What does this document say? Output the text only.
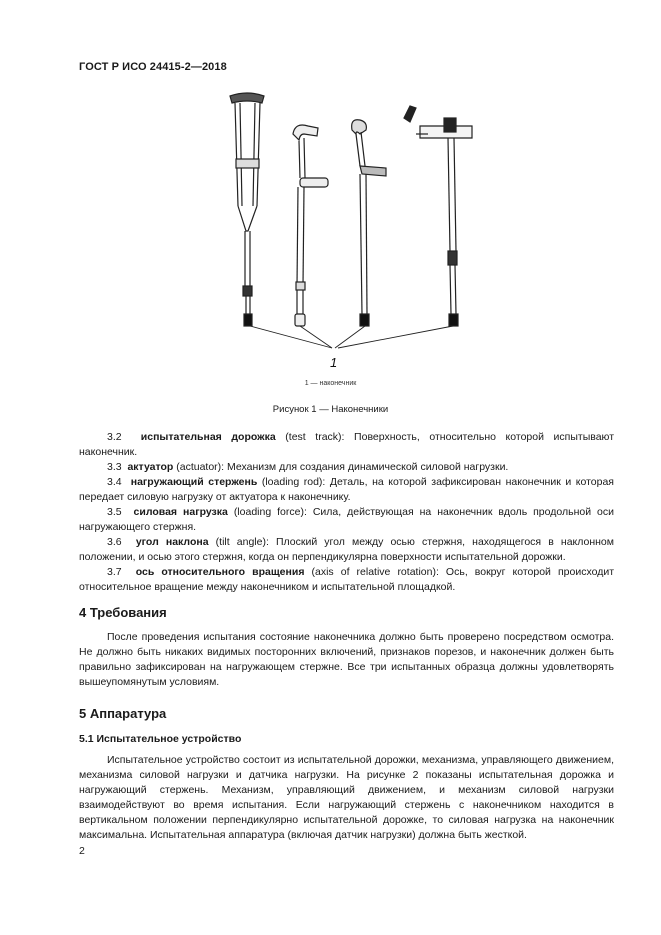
ГОСТ Р ИСО 24415-2—2018
1
1 — наконечник
Рисунок 1 — Наконечники

3.2 испытательная дорожка (test track): Поверхность, относительно которой испытывают наконечник.

3.3 актуатор (actuator): Механизм для создания динамической силовой нагрузки.

3.4 нагружающий стержень (loading rod): Деталь, на которой зафиксирован наконечник и которая передает силовую нагрузку от актуатора к наконечнику.

3.5 силовая нагрузка (loading force): Сила, действующая на наконечник вдоль продольной оси нагружающего стержня.

3.6 угол наклона (tilt angle): Плоский угол между осью стержня, находящегося в наклонном положении, и осью этого стержня, когда он перпендикулярна поверхности испытательной дорожки.

3.7 ось относительного вращения (axis of relative rotation): Ось, вокруг которой происходит относительное вращение между наконечником и испытательной площадкой.

4 Требования

После проведения испытания состояние наконечника должно быть проверено посредством осмотра. Не должно быть никаких видимых посторонних включений, признаков порезов, и наконечник должен быть правильно зафиксирован на нагружающем стержне. Все три испытанных образца должны удовлетворять вышеупомянутым условиям.

5 Аппаратура
5.1 Испытательное устройство

Испытательное устройство состоит из испытательной дорожки, механизма, управляющего движением, механизма силовой нагрузки и датчика нагрузки. На рисунке 2 показаны испытательная дорожка и нагружающий стержень. Механизм, управляющий движением, и механизм силовой нагрузки взаимодействуют во время испытания. Если нагружающий стержень с наконечником находится в вертикальном положении перпендикулярно испытательной дорожке, то силовая нагрузка на наконечник максимальна. Испытательная аппаратура (включая датчик нагрузки) должна быть жесткой.

2
